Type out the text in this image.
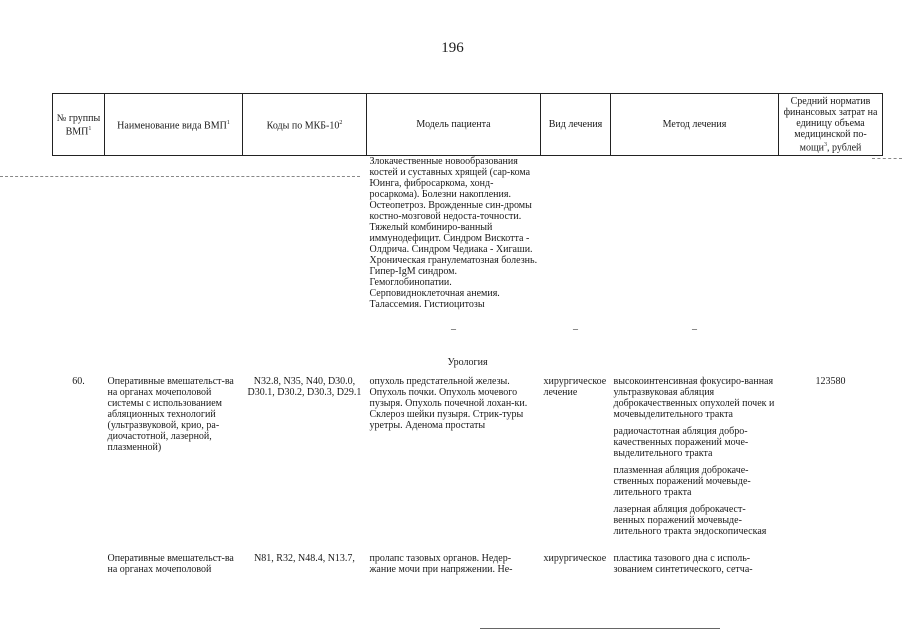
196
№ группы ВМП$^1$	Наименование вида ВМП$^1$	Коды по МКБ-$10^2$	Модель пациента	Вид лечения	Метод лечения	Средний норматив финансовых затрат на единицу объема медицинской по-мощи$^3$, рублей

			Злокачественные новообразования костей и суставных хрящей (сар-кома Юинга, фибросаркома, хонд-росаркома). Болезни накопления. Остеопетроз. Врожденные син-дромы костно-мозговой недоста-точности. Тяжелый комбиниро-ванный иммунодефицит. Синдром Вискотта - Олдрича. Синдром Чедиака - Хигаши. Хроническая гранулематозная болезнь. Гипер-IgM синдром. Гемоглобинопатии. Серповидноклеточная анемия. Талассемия. Гистиоцитозы			

			–	–	–	
Урология						
60.	Оперативные вмешательст-ва на органах мочеполовой системы с использованием абляционных технологий (ультразвуковой, крио, ра-диочастотной, лазерной, плазменной)	N32.8, N35, N40, D30.0, D30.1, D30.2, D30.3, D29.1	опухоль предстательной железы. Опухоль почки. Опухоль мочевого пузыря. Опухоль почечной лохан-ки. Склероз шейки пузыря. Стрик-туры уретры. Аденома простаты	хирургическое лечение	высокоинтенсивная фокусиро-ванная ультразвуковая абляция доброкачественных опухолей почек и мочевыделительного тракта
радиочастотная абляция добро-качественных поражений моче-выделительного тракта
плазменная абляция доброкаче-ственных поражений мочевыде-лительного тракта
лазерная абляция доброкачест-венных поражений мочевыде-лительного тракта эндоскопическая	123580
	Оперативные вмешательст-ва на органах мочеполовой	N81, R32, N48.4, N13.7,	пролапс тазовых органов. Недер-жание мочи при напряжении. Не-	хирургическое	пластика тазового дна с исполь-зованием синтетического, сетча-	
